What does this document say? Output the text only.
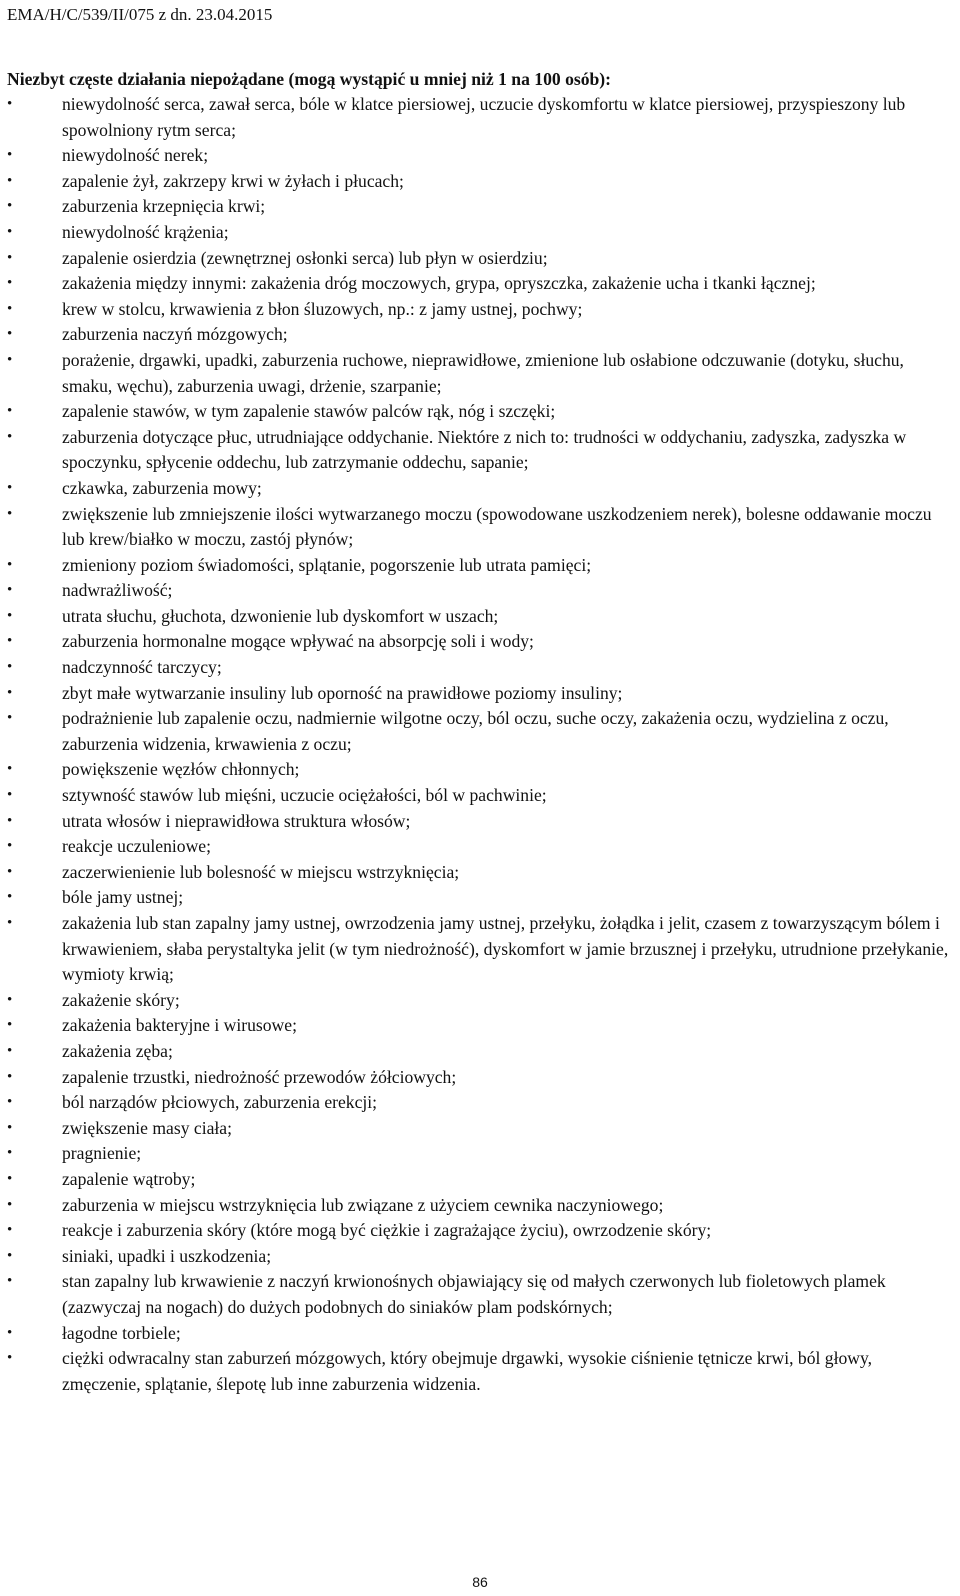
EMA/H/C/539/II/075 z dn. 23.04.2015

Niezbyt częste działania niepożądane (mogą wystąpić u mniej niż 1 na 100 osób):

•	niewydolność serca, zawał serca, bóle w klatce piersiowej, uczucie dyskomfortu w klatce piersiowej, przyspieszony lub spowolniony rytm serca;
•	niewydolność nerek;
•	zapalenie żył, zakrzepy krwi w żyłach i płucach;
•	zaburzenia krzepnięcia krwi;
•	niewydolność krążenia;
•	zapalenie osierdzia (zewnętrznej osłonki serca) lub płyn w osierdziu;
•	zakażenia między innymi: zakażenia dróg moczowych, grypa, opryszczka, zakażenie ucha i tkanki łącznej;
•	krew w stolcu, krwawienia z błon śluzowych, np.: z jamy ustnej, pochwy;
•	zaburzenia naczyń mózgowych;
•	porażenie, drgawki, upadki, zaburzenia ruchowe, nieprawidłowe, zmienione lub osłabione odczuwanie (dotyku, słuchu, smaku, węchu), zaburzenia uwagi, drżenie, szarpanie;
•	zapalenie stawów, w tym zapalenie stawów palców rąk, nóg i szczęki;
•	zaburzenia dotyczące płuc, utrudniające oddychanie. Niektóre z nich to: trudności w oddychaniu, zadyszka, zadyszka w spoczynku, spłycenie oddechu, lub zatrzymanie oddechu, sapanie;
•	czkawka, zaburzenia mowy;
•	zwiększenie lub zmniejszenie ilości wytwarzanego moczu (spowodowane uszkodzeniem nerek), bolesne oddawanie moczu lub krew/białko w moczu, zastój płynów;
•	zmieniony poziom świadomości, splątanie, pogorszenie lub utrata pamięci;
•	nadwrażliwość;
•	utrata słuchu, głuchota, dzwonienie lub dyskomfort w uszach;
•	zaburzenia hormonalne mogące wpływać na absorpcję soli i wody;
•	nadczynność tarczycy;
•	zbyt małe wytwarzanie insuliny lub oporność na prawidłowe poziomy insuliny;
•	podrażnienie lub zapalenie oczu, nadmiernie wilgotne oczy, ból oczu, suche oczy, zakażenia oczu, wydzielina z oczu, zaburzenia widzenia, krwawienia z oczu;
•	powiększenie węzłów chłonnych;
•	sztywność stawów lub mięśni, uczucie ociężałości, ból w pachwinie;
•	utrata włosów i nieprawidłowa struktura włosów;
•	reakcje uczuleniowe;
•	zaczerwienienie lub bolesność w miejscu wstrzyknięcia;
•	bóle jamy ustnej;
•	zakażenia lub stan zapalny jamy ustnej, owrzodzenia jamy ustnej, przełyku, żołądka i jelit, czasem z towarzyszącym bólem i krwawieniem, słaba perystaltyka jelit (w tym niedrożność), dyskomfort w jamie brzusznej i przełyku, utrudnione przełykanie, wymioty krwią;
•	zakażenie skóry;
•	zakażenia bakteryjne i wirusowe;
•	zakażenia zęba;
•	zapalenie trzustki, niedrożność przewodów żółciowych;
•	ból narządów płciowych, zaburzenia erekcji;
•	zwiększenie masy ciała;
•	pragnienie;
•	zapalenie wątroby;
•	zaburzenia w miejscu wstrzyknięcia lub związane z użyciem cewnika naczyniowego;
•	reakcje i zaburzenia skóry (które mogą być ciężkie i zagrażające życiu), owrzodzenie skóry;
•	siniaki, upadki i uszkodzenia;
•	stan zapalny lub krwawienie z naczyń krwionośnych objawiający się od małych czerwonych lub fioletowych plamek (zazwyczaj na nogach) do dużych podobnych do siniaków plam podskórnych;
•	łagodne torbiele;
•	ciężki odwracalny stan zaburzeń mózgowych, który obejmuje drgawki, wysokie ciśnienie tętnicze krwi, ból głowy, zmęczenie, splątanie, ślepotę lub inne zaburzenia widzenia.
86
